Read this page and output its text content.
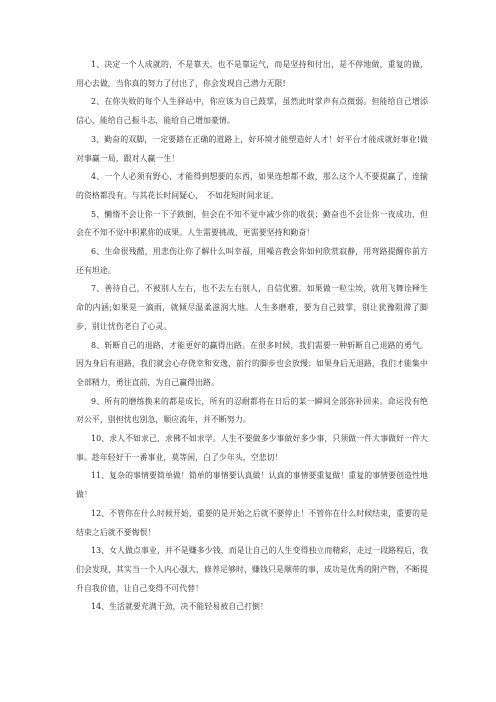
1、决定一个人成就的，不是靠天，也不是靠运气，而是坚持和付出，是不停地做，重复的做，用心去做，当你真的努力了付出了，你会发现自己潜力无限!

2、在你失败的每个人生驿站中，你应该为自己鼓掌，虽然此时掌声有点微弱。但能给自己增添信心，能给自己振斗志，能给自己增加豪情。

3、勤奋的双脚，一定要踏在正确的道路上，好环境才能塑造好人才！好平台才能成就好事业!做对事赢一局，跟对人赢一生！

4、一个人必须有野心，才能得到想要的东西，如果连想都不敢，那么这个人不要提赢了，连输的资格都没有。与其花长时间疑心，　不如花短时间求证。

5、懒惰不会让你一下子跌倒，但会在不知不觉中减少你的收获；勤奋也不会让你一夜成功，但会在不知不觉中积累你的成果。人生需要挑战，更需要坚持和勤奋！

6、生命很残酷，用悲伤让你了解什么叫幸福，用噪音教会你如何欣赏寂静，用弯路提醒你前方还有坦途。

7、善待自己，不被别人左右，也不去左右别人，自信优雅。如果做一粒尘埃，就用飞舞诠释生命的内涵;如果是一滴雨，就倾尽温柔滋润大地。人生多磨难，要为自己鼓掌，别让犹豫阻滞了脚步，别让忧伤老白了心灵。

8、斩断自己的退路，才能更好的赢得出路。在很多时候，我们需要一种斩断自己退路的勇气。因为身后有退路，我们就会心存侥幸和安逸，前行的脚步也会放慢；如果身后无退路，我们才能集中全部精力，勇往直前，为自己赢得出路。

9、所有的磨练换来的都是成长，所有的忍耐都将在日后的某一瞬间全部弥补回来。命运没有绝对公平，别担忧也别急，顺应流年，并不断努力。

10、求人不如求己，求佛不如求学。人生不要做多少事做好多少事，只须做一件大事做好一件大事。趁年轻好干一番事业，莫等闲，白了少年头，空悲切！

11、复杂的事情要简单做！简单的事情要认真做！认真的事情要重复做！重复的事情要创造性地做！

12、不管你在什么时候开始，重要的是开始之后就不要停止！不管你在什么时候结束，重要的是结束之后就不要悔恨！

13、女人做点事业，并不是赚多少钱，而是让自己的人生变得独立而精彩，走过一段路程后，我们会发现，其实当一个人内心强大，修养足够时，赚钱只是顺带的事，成功是优秀的附产物，不断提升自我价值，让自己变得不可代替！

14、生活就要充满干劲，决不能轻易被自己打倒！
